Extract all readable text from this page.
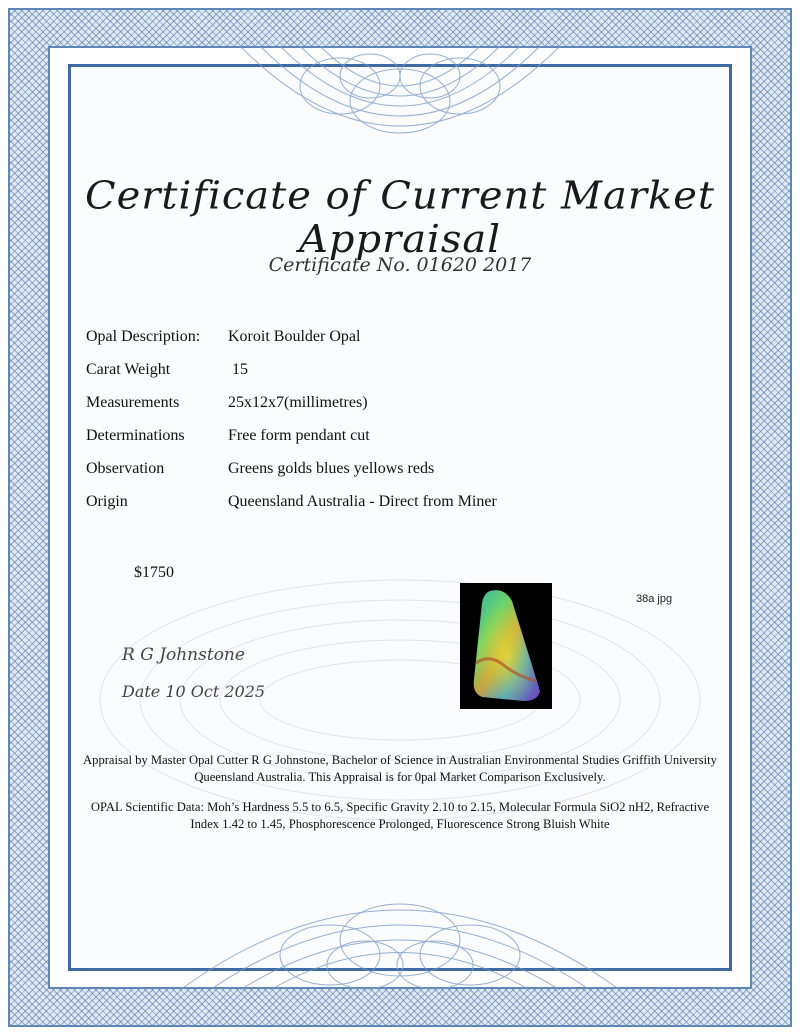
Certificate of Current Market Appraisal
Certificate No. 01620 2017
Opal Description: Koroit Boulder Opal
Carat Weight	15
Measurements	25x12x7(millimetres)
Determinations	Free form pendant cut
Observation	Greens golds blues yellows reds
Origin	Queensland Australia - Direct from Miner
$1750
38a jpg
R G Johnstone
Date 10 Oct 2025
Appraisal by Master Opal Cutter R G Johnstone, Bachelor of Science in Australian Environmental Studies Griffith University Queensland Australia. This Appraisal is for 0pal Market Comparison Exclusively.
OPAL Scientific Data: Moh’s Hardness 5.5 to 6.5, Specific Gravity 2.10 to 2.15, Molecular Formula SiO2 nH2, Refractive Index 1.42 to 1.45, Phosphorescence Prolonged, Fluorescence Strong Bluish White
